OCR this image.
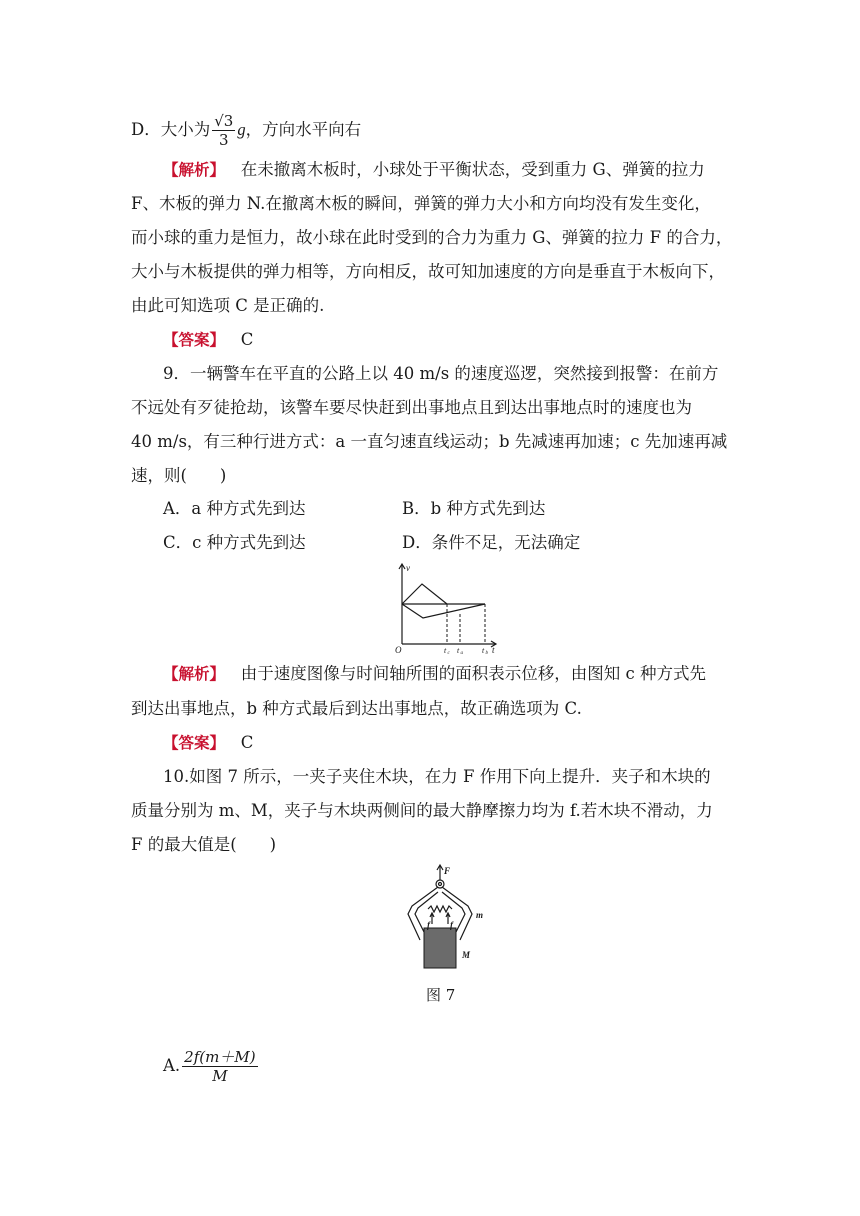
D．大小为 $\frac{√3}{3}$ g，方向水平向右
【解析】 在未撤离木板时，小球处于平衡状态，受到重力 G、弹簧的拉力
F、木板的弹力 N.在撤离木板的瞬间，弹簧的弹力大小和方向均没有发生变化，
而小球的重力是恒力，故小球在此时受到的合力为重力 G、弹簧的拉力 F 的合力，
大小与木板提供的弹力相等，方向相反，故可知加速度的方向是垂直于木板向下，
由此可知选项 C 是正确的.
【答案】 C
9．一辆警车在平直的公路上以 40 m/s 的速度巡逻，突然接到报警：在前方
不远处有歹徒抢劫，该警车要尽快赶到出事地点且到达出事地点时的速度也为
40 m/s，有三种行进方式：a 一直匀速直线运动；b 先减速再加速；c 先加速再减
速，则(　　)
A．a 种方式先到达	B．b 种方式先到达
C．c 种方式先到达	D．条件不足，无法确定
v
O	t c t a t b t
【解析】 由于速度图像与时间轴所围的面积表示位移，由图知 c 种方式先
到达出事地点，b 种方式最后到达出事地点，故正确选项为 C.
【答案】 C
10.如图 7 所示，一夹子夹住木块，在力 F 作用下向上提升．夹子和木块的
质量分别为 m、M，夹子与木块两侧间的最大静摩擦力均为 f.若木块不滑动，力
F 的最大值是(　　)
F
f f
m
M
图 7
A. $\frac{2f(m+M)}{M}$
